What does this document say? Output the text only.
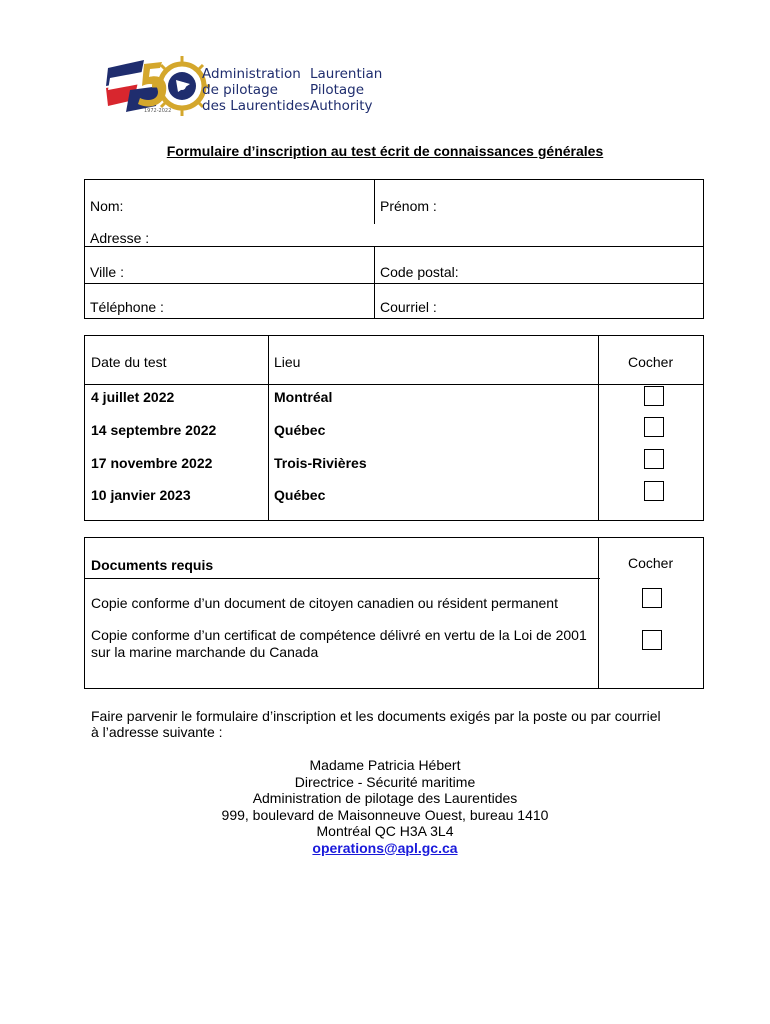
1972-2022
Administration
de pilotage
des Laurentides
Laurentian
Pilotage
Authority
Formulaire d’inscription au test écrit de connaissances générales
Nom:	Prénom :
Adresse :
Ville :	Code postal:
Téléphone :	Courriel :
Date du test	Lieu	Cocher
4 juillet 2022	Montréal
14 septembre 2022	Québec
17 novembre 2022	Trois-Rivières
10 janvier 2023	Québec
Documents requis	Cocher
Copie conforme d’un document de citoyen canadien ou résident permanent
Copie conforme d’un certificat de compétence délivré en vertu de la Loi de 2001
sur la marine marchande du Canada
Faire parvenir le formulaire d’inscription et les documents exigés par la poste ou par courriel
à l’adresse suivante :
Madame Patricia Hébert
Directrice - Sécurité maritime
Administration de pilotage des Laurentides
999, boulevard de Maisonneuve Ouest, bureau 1410
Montréal QC H3A 3L4
operations@apl.gc.ca
